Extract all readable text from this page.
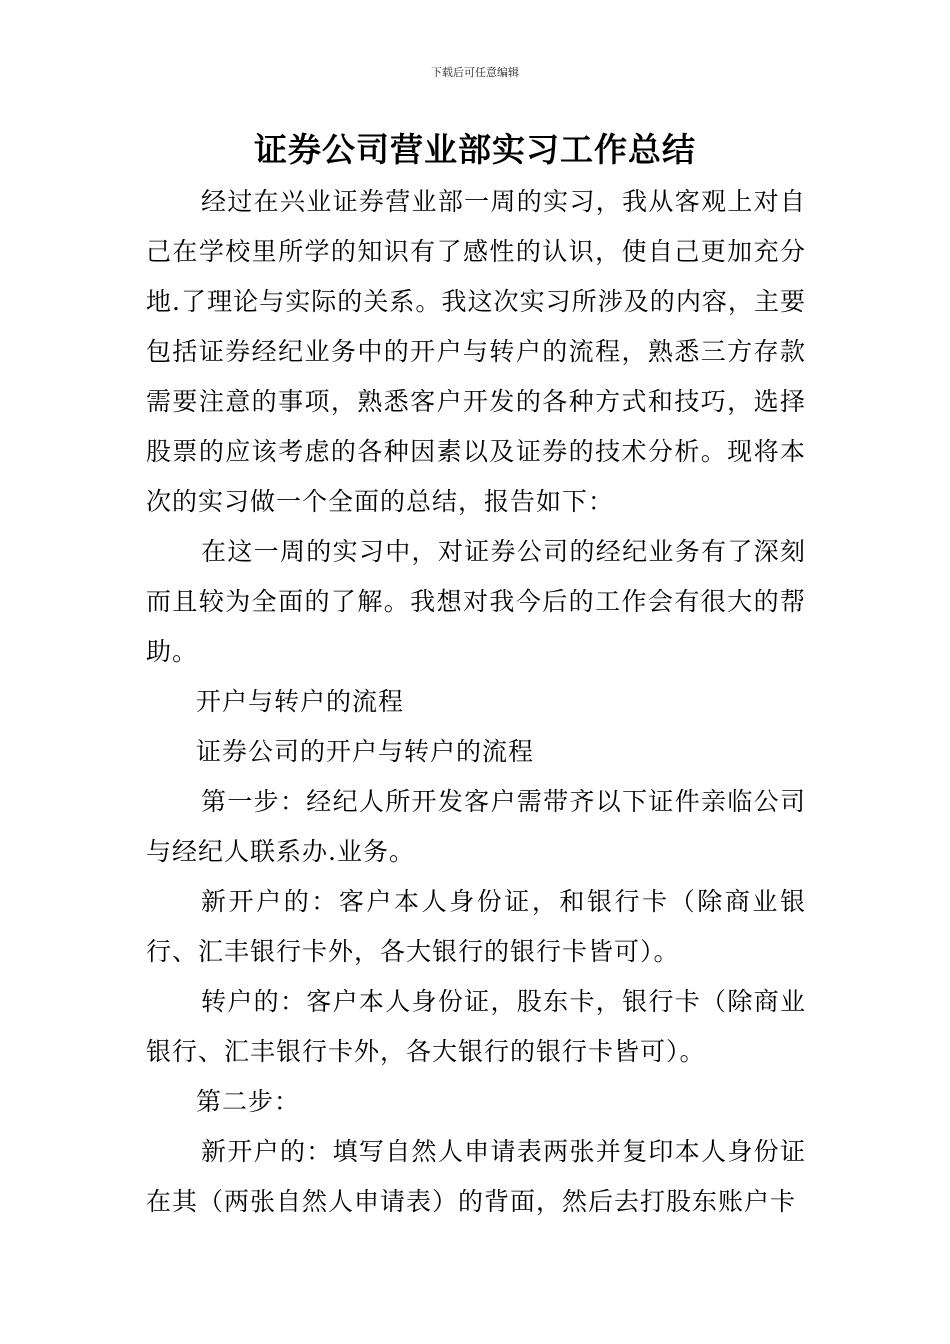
下载后可任意编辑
证券公司营业部实习工作总结

经过在兴业证券营业部一周的实习，我从客观上对自己在学校里所学的知识有了感性的认识，使自己更加充分地.了理论与实际的关系。我这次实习所涉及的内容，主要包括证券经纪业务中的开户与转户的流程，熟悉三方存款需要注意的事项，熟悉客户开发的各种方式和技巧，选择股票的应该考虑的各种因素以及证券的技术分析。现将本次的实习做一个全面的总结，报告如下：

在这一周的实习中，对证券公司的经纪业务有了深刻而且较为全面的了解。我想对我今后的工作会有很大的帮助。

开户与转户的流程

证券公司的开户与转户的流程

第一步：经纪人所开发客户需带齐以下证件亲临公司与经纪人联系办.业务。

新开户的：客户本人身份证，和银行卡（除商业银行、汇丰银行卡外，各大银行的银行卡皆可）。

转户的：客户本人身份证，股东卡，银行卡（除商业银行、汇丰银行卡外，各大银行的银行卡皆可）。

第二步：

新开户的：填写自然人申请表两张并复印本人身份证在其（两张自然人申请表）的背面，然后去打股东账户卡
